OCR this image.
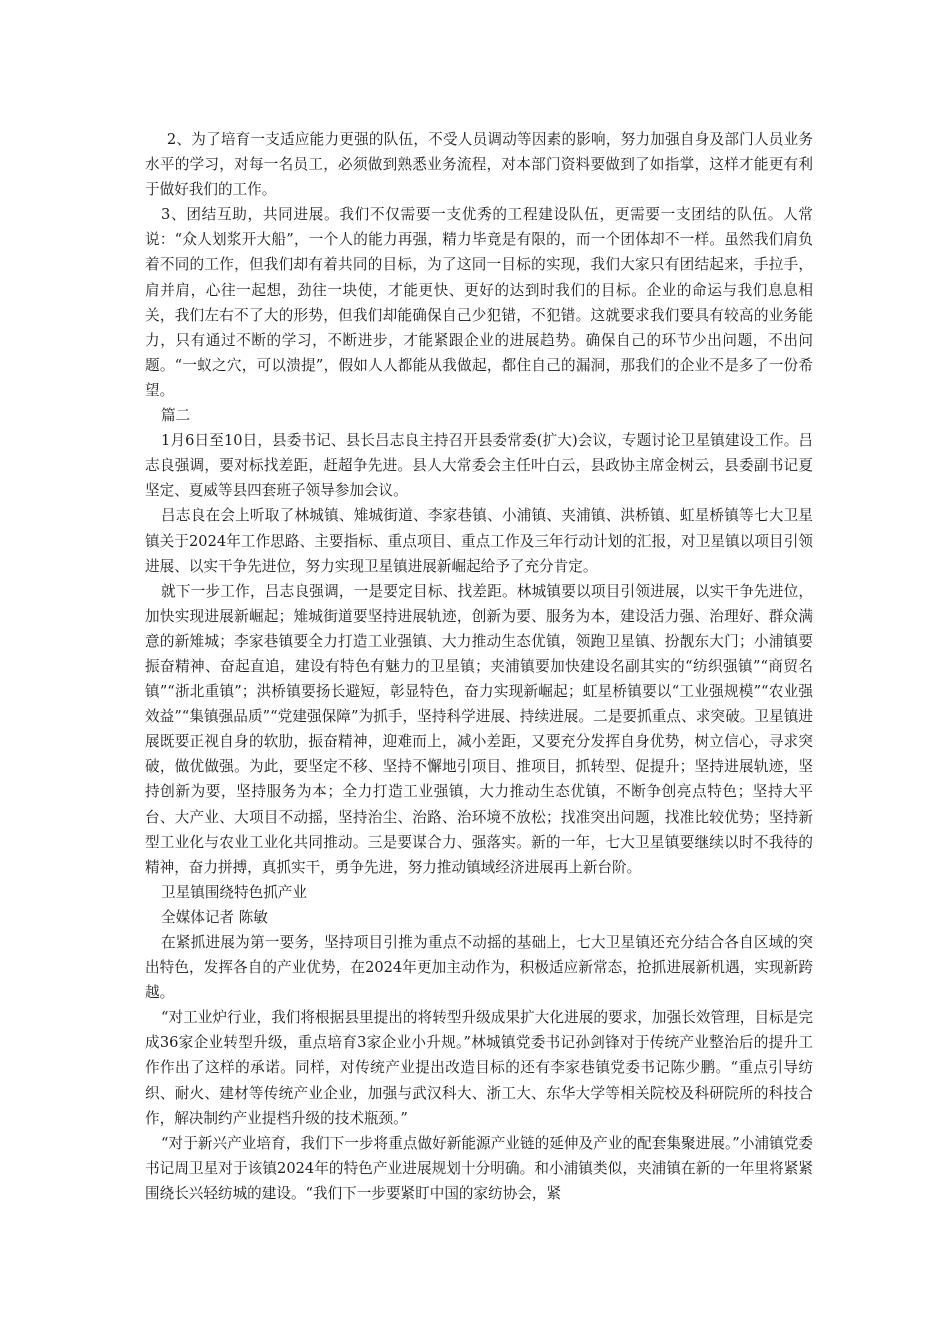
2、为了培育一支适应能力更强的队伍，不受人员调动等因素的影响，努力加强自身及部门人员业务水平的学习，对每一名员工，必须做到熟悉业务流程，对本部门资料要做到了如指掌，这样才能更有利于做好我们的工作。

3、团结互助，共同进展。我们不仅需要一支优秀的工程建设队伍，更需要一支团结的队伍。人常说：“众人划浆开大船”，一个人的能力再强，精力毕竟是有限的，而一个团体却不一样。虽然我们肩负着不同的工作，但我们却有着共同的目标，为了这同一目标的实现，我们大家只有团结起来，手拉手，肩并肩，心往一起想，劲往一块使，才能更快、更好的达到时我们的目标。企业的命运与我们息息相关，我们左右不了大的形势，但我们却能确保自己少犯错，不犯错。这就要求我们要具有较高的业务能力，只有通过不断的学习，不断进步，才能紧跟企业的进展趋势。确保自己的环节少出问题，不出问题。“一蚁之穴，可以溃提”，假如人人都能从我做起，都住自己的漏洞，那我们的企业不是多了一份希望。

篇二

1月6日至10日，县委书记、县长吕志良主持召开县委常委(扩大)会议，专题讨论卫星镇建设工作。吕志良强调，要对标找差距，赶超争先进。县人大常委会主任叶白云，县政协主席金树云，县委副书记夏坚定、夏威等县四套班子领导参加会议。

吕志良在会上听取了林城镇、雉城街道、李家巷镇、小浦镇、夹浦镇、洪桥镇、虹星桥镇等七大卫星镇关于2024年工作思路、主要指标、重点项目、重点工作及三年行动计划的汇报，对卫星镇以项目引领进展、以实干争先进位，努力实现卫星镇进展新崛起给予了充分肯定。

就下一步工作，吕志良强调，一是要定目标、找差距。林城镇要以项目引领进展，以实干争先进位，加快实现进展新崛起；雉城街道要坚持进展轨迹，创新为要、服务为本，建设活力强、治理好、群众满意的新雉城；李家巷镇要全力打造工业强镇、大力推动生态优镇，领跑卫星镇、扮靓东大门；小浦镇要振奋精神、奋起直追，建设有特色有魅力的卫星镇；夹浦镇要加快建设名副其实的“纺织强镇”“商贸名镇”“浙北重镇”；洪桥镇要扬长避短，彰显特色，奋力实现新崛起；虹星桥镇要以“工业强规模”“农业强效益”“集镇强品质”“党建强保障”为抓手，坚持科学进展、持续进展。二是要抓重点、求突破。卫星镇进展既要正视自身的软肋，振奋精神，迎难而上，减小差距，又要充分发挥自身优势，树立信心，寻求突破，做优做强。为此，要坚定不移、坚持不懈地引项目、推项目，抓转型、促提升；坚持进展轨迹，坚持创新为要，坚持服务为本；全力打造工业强镇，大力推动生态优镇，不断争创亮点特色；坚持大平台、大产业、大项目不动摇，坚持治尘、治路、治环境不放松；找准突出问题，找准比较优势；坚持新型工业化与农业工业化共同推动。三是要谋合力、强落实。新的一年，七大卫星镇要继续以时不我待的精神，奋力拼搏，真抓实干，勇争先进，努力推动镇域经济进展再上新台阶。

卫星镇围绕特色抓产业

全媒体记者 陈敏

在紧抓进展为第一要务，坚持项目引推为重点不动摇的基础上，七大卫星镇还充分结合各自区域的突出特色，发挥各自的产业优势，在2024年更加主动作为，积极适应新常态，抢抓进展新机遇，实现新跨越。

“对工业炉行业，我们将根据县里提出的将转型升级成果扩大化进展的要求，加强长效管理，目标是完成36家企业转型升级，重点培育3家企业小升规。”林城镇党委书记孙剑锋对于传统产业整治后的提升工作作出了这样的承诺。同样，对传统产业提出改造目标的还有李家巷镇党委书记陈少鹏。“重点引导纺织、耐火、建材等传统产业企业，加强与武汉科大、浙工大、东华大学等相关院校及科研院所的科技合作，解决制约产业提档升级的技术瓶颈。”

“对于新兴产业培育，我们下一步将重点做好新能源产业链的延伸及产业的配套集聚进展。”小浦镇党委书记周卫星对于该镇2024年的特色产业进展规划十分明确。和小浦镇类似，夹浦镇在新的一年里将紧紧围绕长兴轻纺城的建设。“我们下一步要紧盯中国的家纺协会，紧
